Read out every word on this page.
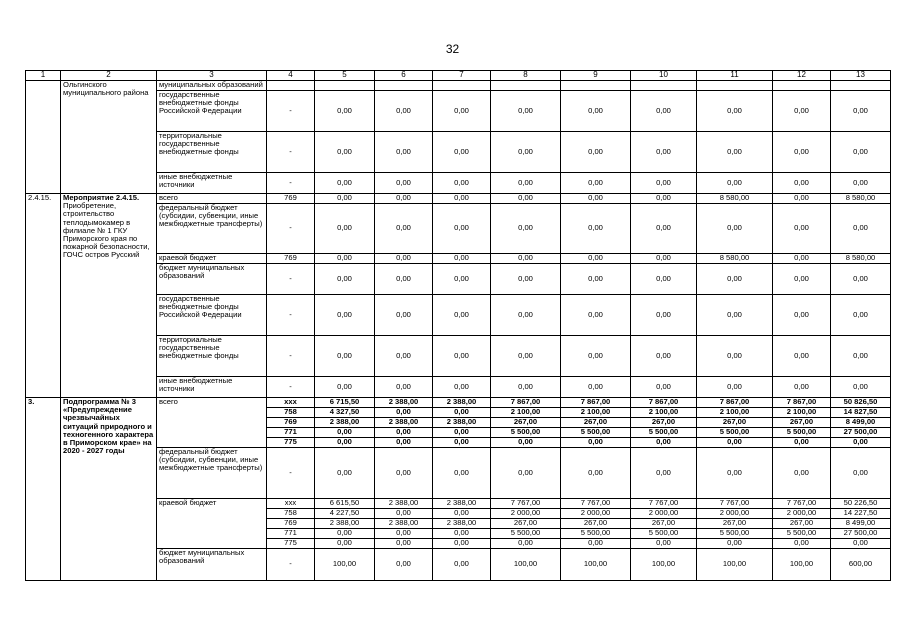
32
1	2	3	4	5	6	7	8	9	10	11	12	13
	Ольгинского муниципального района	муниципальных образований										
		государственные внебюджетные фонды Российской Федерации	-	0,00	0,00	0,00	0,00	0,00	0,00	0,00	0,00	0,00
		территориальные государственные внебюджетные фонды	-	0,00	0,00	0,00	0,00	0,00	0,00	0,00	0,00	0,00
		иные внебюджетные источники	-	0,00	0,00	0,00	0,00	0,00	0,00	0,00	0,00	0,00
2.4.15.	Мероприятие 2.4.15. Приобретение, строительство теплодымокамер в филиале № 1 ГКУ Приморского края по пожарной безопасности, ГОЧС остров Русский	всего	769	0,00	0,00	0,00	0,00	0,00	0,00	8 580,00	0,00	8 580,00
		федеральный бюджет (субсидии, субвенции, иные межбюджетные трансферты)	-	0,00	0,00	0,00	0,00	0,00	0,00	0,00	0,00	0,00
		краевой бюджет	769	0,00	0,00	0,00	0,00	0,00	0,00	8 580,00	0,00	8 580,00
		бюджет муниципальных образований	-	0,00	0,00	0,00	0,00	0,00	0,00	0,00	0,00	0,00
		государственные внебюджетные фонды Российской Федерации	-	0,00	0,00	0,00	0,00	0,00	0,00	0,00	0,00	0,00
		территориальные государственные внебюджетные фонды	-	0,00	0,00	0,00	0,00	0,00	0,00	0,00	0,00	0,00
		иные внебюджетные источники	-	0,00	0,00	0,00	0,00	0,00	0,00	0,00	0,00	0,00
3.	Подпрограмма № 3 «Предупреждение чрезвычайных ситуаций природного и техногенного характера в Приморском крае» на 2020 - 2027 годы	всего	ххх	6 715,50	2 388,00	2 388,00	7 867,00	7 867,00	7 867,00	7 867,00	7 867,00	50 826,50
			758	4 327,50	0,00	0,00	2 100,00	2 100,00	2 100,00	2 100,00	2 100,00	14 827,50
			769	2 388,00	2 388,00	2 388,00	267,00	267,00	267,00	267,00	267,00	8 499,00
			771	0,00	0,00	0,00	5 500,00	5 500,00	5 500,00	5 500,00	5 500,00	27 500,00
			775	0,00	0,00	0,00	0,00	0,00	0,00	0,00	0,00	0,00
		федеральный бюджет (субсидии, субвенции, иные межбюджетные трансферты)	-	0,00	0,00	0,00	0,00	0,00	0,00	0,00	0,00	0,00
		краевой бюджет	ххх	6 615,50	2 388,00	2 388,00	7 767,00	7 767,00	7 767,00	7 767,00	7 767,00	50 226,50
			758	4 227,50	0,00	0,00	2 000,00	2 000,00	2 000,00	2 000,00	2 000,00	14 227,50
			769	2 388,00	2 388,00	2 388,00	267,00	267,00	267,00	267,00	267,00	8 499,00
			771	0,00	0,00	0,00	5 500,00	5 500,00	5 500,00	5 500,00	5 500,00	27 500,00
			775	0,00	0,00	0,00	0,00	0,00	0,00	0,00	0,00	0,00
		бюджет муниципальных образований	-	100,00	0,00	0,00	100,00	100,00	100,00	100,00	100,00	600,00
